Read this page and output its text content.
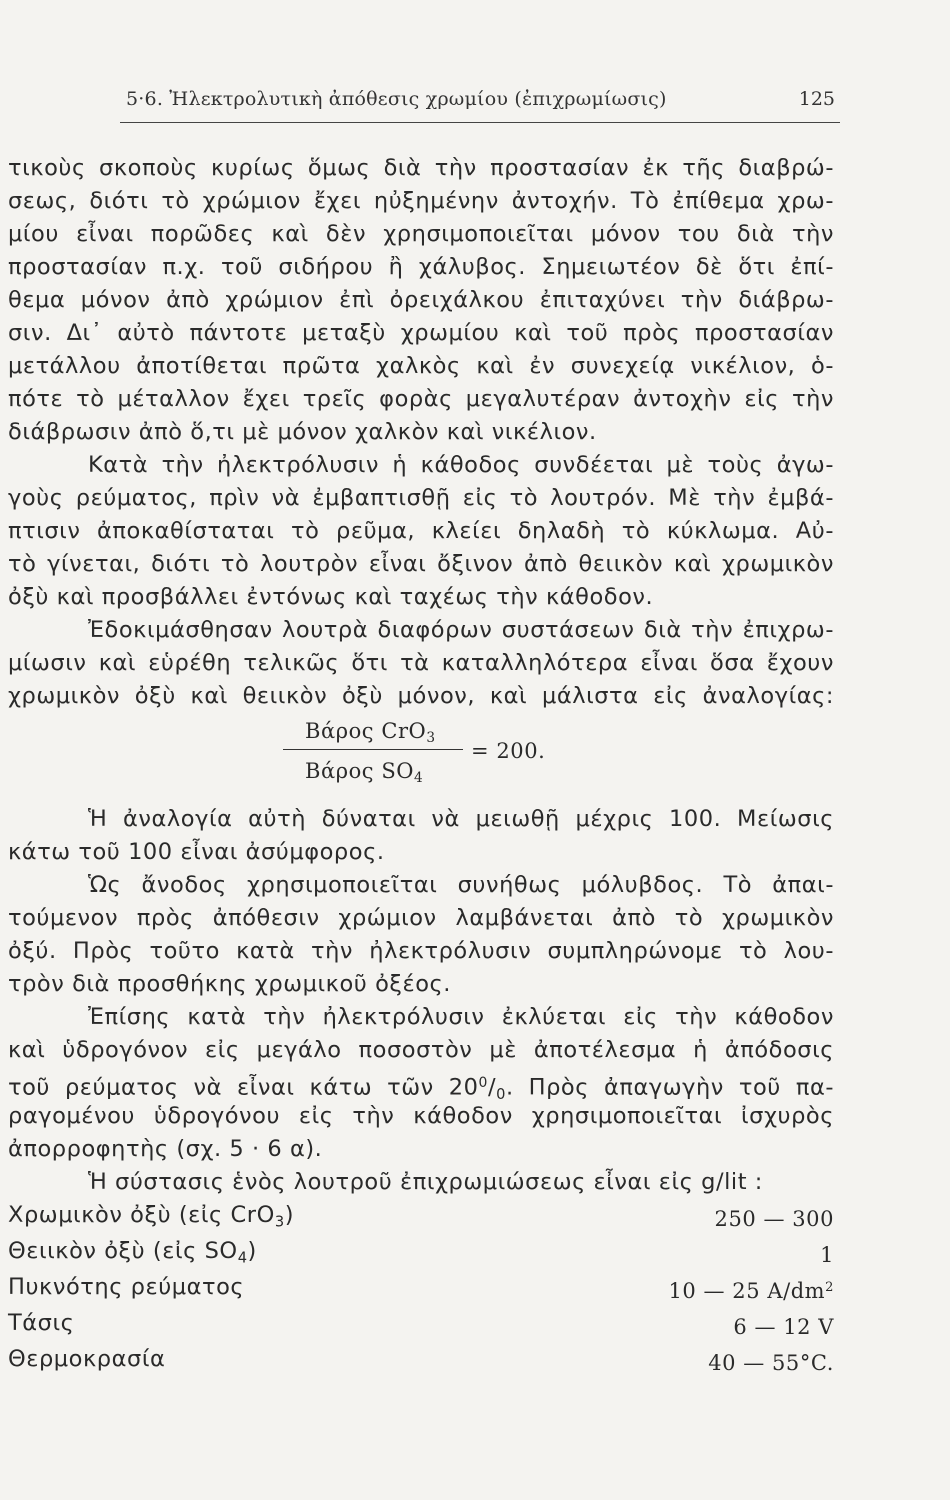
5·6. Ἠλεκτρολυτικὴ ἀπόθεσις χρωμίου (ἐπιχρωμίωσις)	125
τικοὺς σκοποὺς κυρίως ὅμως διὰ τὴν προστασίαν ἐκ τῆς διαβρώ-
σεως, διότι τὸ χρώμιον ἔχει ηὐξημένην ἀντοχήν. Τὸ ἐπίθεμα χρω-
μίου εἶναι πορῶδες καὶ δὲν χρησιμοποιεῖται μόνον του διὰ τὴν
προστασίαν π.χ. τοῦ σιδήρου ἢ χάλυβος. Σημειωτέον δὲ ὅτι ἐπί-
θεμα μόνον ἀπὸ χρώμιον ἐπὶ ὀρειχάλκου ἐπιταχύνει τὴν διάβρω-
σιν. Δι᾽ αὐτὸ πάντοτε μεταξὺ χρωμίου καὶ τοῦ πρὸς προστασίαν
μετάλλου ἀποτίθεται πρῶτα χαλκὸς καὶ ἐν συνεχείᾳ νικέλιον, ὁ-
πότε τὸ μέταλλον ἔχει τρεῖς φορὰς μεγαλυτέραν ἀντοχὴν εἰς τὴν
διάβρωσιν ἀπὸ ὅ,τι μὲ μόνον χαλκὸν καὶ νικέλιον.
Κατὰ τὴν ἠλεκτρόλυσιν ἡ κάθοδος συνδέεται μὲ τοὺς ἀγω-
γοὺς ρεύματος, πρὶν νὰ ἐμβαπτισθῇ εἰς τὸ λουτρόν. Μὲ τὴν ἐμβά-
πτισιν ἀποκαθίσταται τὸ ρεῦμα, κλείει δηλαδὴ τὸ κύκλωμα. Αὐ-
τὸ γίνεται, διότι τὸ λουτρὸν εἶναι ὄξινον ἀπὸ θειικὸν καὶ χρωμικὸν
ὀξὺ καὶ προσβάλλει ἐντόνως καὶ ταχέως τὴν κάθοδον.
Ἐδοκιμάσθησαν λουτρὰ διαφόρων συστάσεων διὰ τὴν ἐπιχρω-
μίωσιν καὶ εὑρέθη τελικῶς ὅτι τὰ καταλληλότερα εἶναι ὅσα ἔχουν
χρωμικὸν ὀξὺ καὶ θειικὸν ὀξὺ μόνον, καὶ μάλιστα εἰς ἀναλογίας:
Βάρος CrO$_3$
Βάρος $SO_4$
= 200.
Ἡ ἀναλογία αὐτὴ δύναται νὰ μειωθῇ μέχρις 100. Μείωσις
κάτω τοῦ 100 εἶναι ἀσύμφορος.
Ὡς ἄνοδος χρησιμοποιεῖται συνήθως μόλυβδος. Τὸ ἀπαι-
τούμενον πρὸς ἀπόθεσιν χρώμιον λαμβάνεται ἀπὸ τὸ χρωμικὸν
ὀξύ. Πρὸς τοῦτο κατὰ τὴν ἠλεκτρόλυσιν συμπληρώνομε τὸ λου-
τρὸν διὰ προσθήκης χρωμικοῦ ὀξέος.
Ἐπίσης κατὰ τὴν ἠλεκτρόλυσιν ἐκλύεται εἰς τὴν κάθοδον
καὶ ὑδρογόνον εἰς μεγάλο ποσοστὸν μὲ ἀποτέλεσμα ἡ ἀπόδοσις
τοῦ ρεύματος νὰ εἶναι κάτω τῶν $20^0/_0$. Πρὸς ἀπαγωγὴν τοῦ πα-
ραγομένου ὑδρογόνου εἰς τὴν κάθοδον χρησιμοποιεῖται ἰσχυρὸς
ἀπορροφητὴς (σχ. 5 · 6 α).
Ἡ σύστασις ἑνὸς λουτροῦ ἐπιχρωμιώσεως εἶναι εἰς g/lit :
Χρωμικὸν ὀξὺ (εἰς CrO$_3$)	250 — 300
Θειικὸν ὀξὺ (εἰς $SO_4$)	1
Πυκνότης ρεύματος	10 — 25 $A/dm^2$
Τάσις	6 — 12 V
Θερμοκρασία	40 — 55°C.
